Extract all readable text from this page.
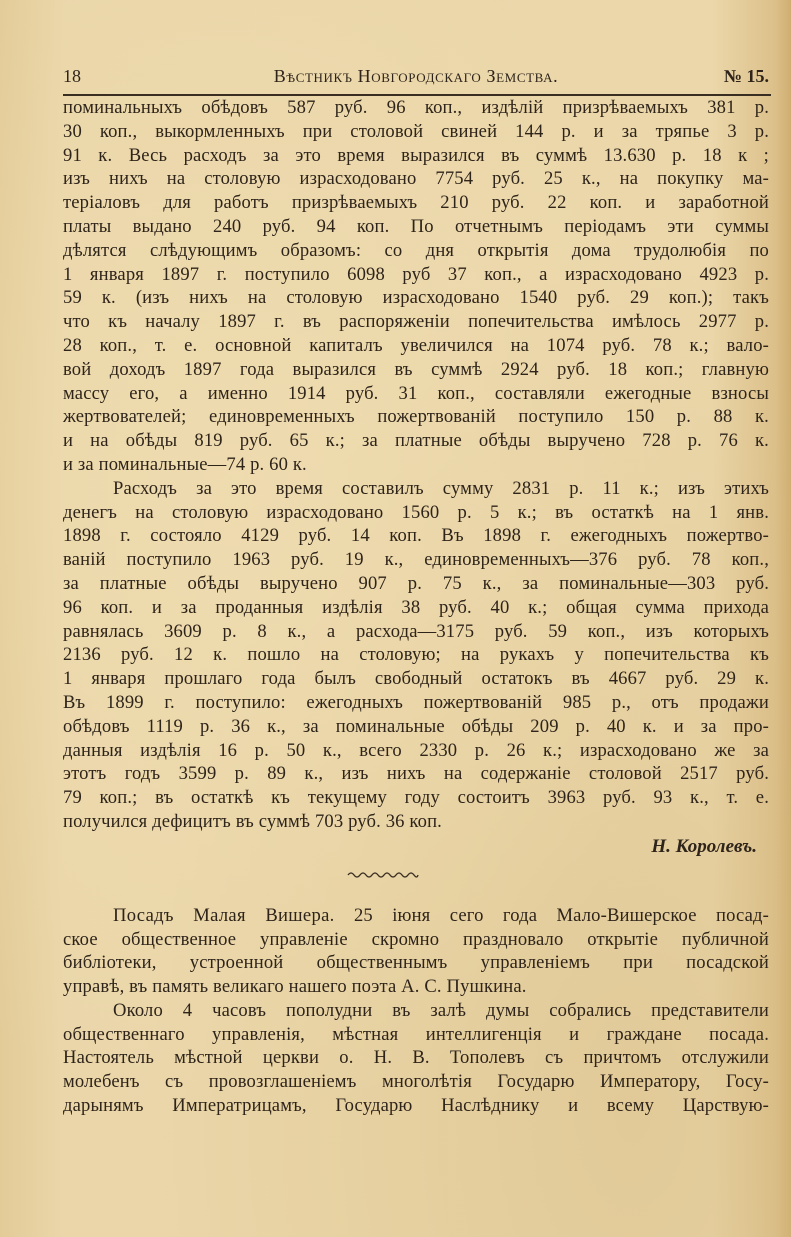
18	Вѣстникъ Новгородскаго Земства.	№ 15.
поминальныхъ обѣдовъ 587 руб. 96 коп., издѣлій призрѣваемыхъ 381 р.
30 коп., выкормленныхъ при столовой свиней 144 р. и за тряпье 3 р.
91 к. Весь расходъ за это время выразился въ суммѣ 13.630 р. 18 к ;
изъ нихъ на столовую израсходовано 7754 руб. 25 к., на покупку ма-
теріаловъ для работъ призрѣваемыхъ 210 руб. 22 коп. и заработной
платы выдано 240 руб. 94 коп. По отчетнымъ періодамъ эти суммы
дѣлятся слѣдующимъ образомъ: со дня открытія дома трудолюбія по
1 января 1897 г. поступило 6098 руб 37 коп., а израсходовано 4923 р.
59 к. (изъ нихъ на столовую израсходовано 1540 руб. 29 коп.); такъ
что къ началу 1897 г. въ распоряженіи попечительства имѣлось 2977 р.
28 коп., т. е. основной капиталъ увеличился на 1074 руб. 78 к.; вало-
вой доходъ 1897 года выразился въ суммѣ 2924 руб. 18 коп.; главную
массу его, а именно 1914 руб. 31 коп., составляли ежегодные взносы
жертвователей; единовременныхъ пожертвованій поступило 150 р. 88 к.
и на обѣды 819 руб. 65 к.; за платные обѣды выручено 728 р. 76 к.
и за поминальные—74 р. 60 к.
Расходъ за это время составилъ сумму 2831 р. 11 к.; изъ этихъ
денегъ на столовую израсходовано 1560 р. 5 к.; въ остаткѣ на 1 янв.
1898 г. состояло 4129 руб. 14 коп. Въ 1898 г. ежегодныхъ пожертво-
ваній поступило 1963 руб. 19 к., единовременныхъ—376 руб. 78 коп.,
за платные обѣды выручено 907 р. 75 к., за поминальные—303 руб.
96 коп. и за проданныя издѣлія 38 руб. 40 к.; общая сумма прихода
равнялась 3609 р. 8 к., а расхода—3175 руб. 59 коп., изъ которыхъ
2136 руб. 12 к. пошло на столовую; на рукахъ у попечительства къ
1 января прошлаго года былъ свободный остатокъ въ 4667 руб. 29 к.
Въ 1899 г. поступило: ежегодныхъ пожертвованій 985 р., отъ продажи
обѣдовъ 1119 р. 36 к., за поминальные обѣды 209 р. 40 к. и за про-
данныя издѣлія 16 р. 50 к., всего 2330 р. 26 к.; израсходовано же за
этотъ годъ 3599 р. 89 к., изъ нихъ на содержаніе столовой 2517 руб.
79 коп.; въ остаткѣ къ текущему году состоитъ 3963 руб. 93 к., т. е.
получился дефицитъ въ суммѣ 703 руб. 36 коп.
Н. Королевъ.
Посадъ Малая Вишера. 25 іюня сего года Мало-Вишерское посад-
ское общественное управленіе скромно праздновало открытіе публичной
библіотеки, устроенной общественнымъ управленіемъ при посадской
управѣ, въ память великаго нашего поэта А. С. Пушкина.
Около 4 часовъ пополудни въ залѣ думы собрались представители
общественнаго управленія, мѣстная интеллигенція и граждане посада.
Настоятель мѣстной церкви о. Н. В. Тополевъ съ причтомъ отслужили
молебенъ съ провозглашеніемъ многолѣтія Государю Императору, Госу-
дарынямъ Императрицамъ, Государю Наслѣднику и всему Царствую-
